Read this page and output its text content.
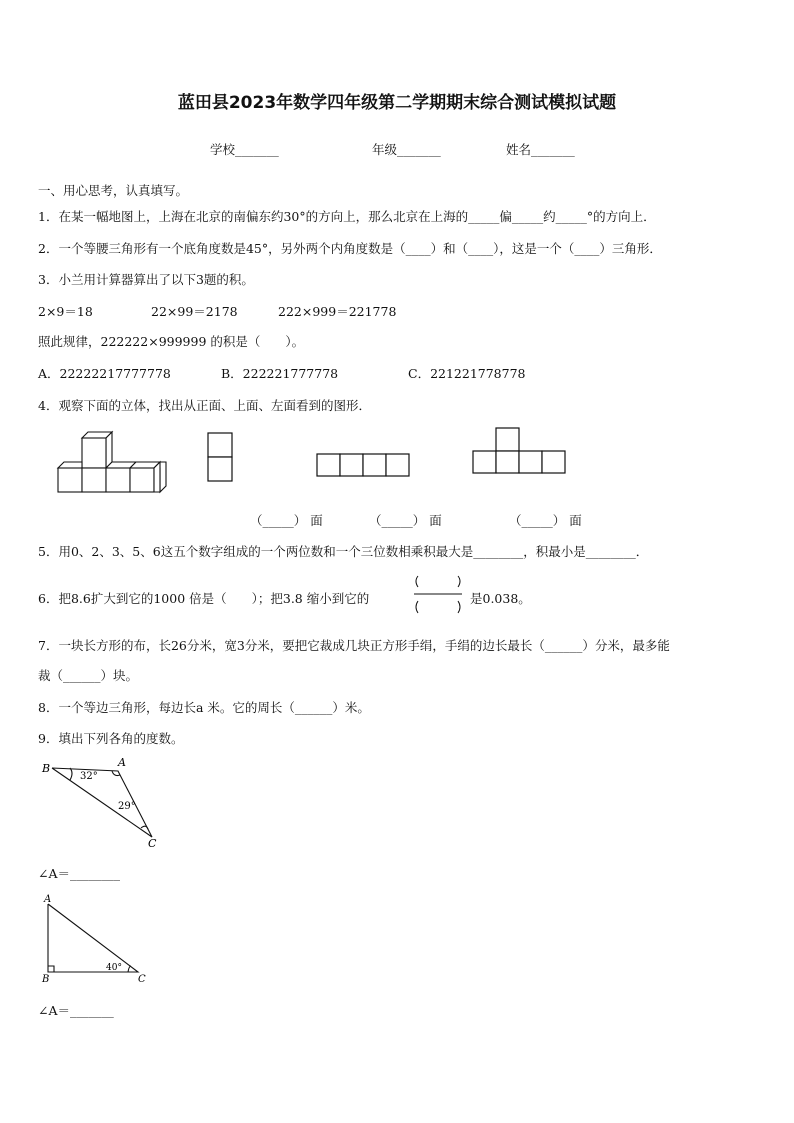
蓝田县2023年数学四年级第二学期期末综合测试模拟试题
学校_______	年级_______	姓名_______
一、用心思考，认真填写。
1．在某一幅地图上，上海在北京的南偏东约30°的方向上，那么北京在上海的_____偏_____约_____°的方向上．
2．一个等腰三角形有一个底角度数是45°，另外两个内角度数是（____）和（____），这是一个（____）三角形．
3．小兰用计算器算出了以下3题的积。
2×9＝18	22×99＝2178	222×999＝221778
照此规律，222222×999999 的积是（　　）。
A．22222217777778	B．222221777778	C．221221778778
4．观察下面的立体，找出从正面、上面、左面看到的图形．
（_____） 面	（_____） 面	（_____） 面
5．用0、2、3、5、6这五个数字组成的一个两位数和一个三位数相乘积最大是________，积最小是________．
6．把8.6扩大到它的1000 倍是（　　）；把3.8 缩小到它的	是0.038。
7．一块长方形的布，长26分米，宽3分米，要把它裁成几块正方形手绢，手绢的边长最长（______）分米，最多能
裁（______）块。
8．一个等边三角形，每边长a 米。它的周长（______）米。
9．填出下列各角的度数。
B	A
C
32°
29°
∠A＝________
A
B	C
40°
∠A＝_______
